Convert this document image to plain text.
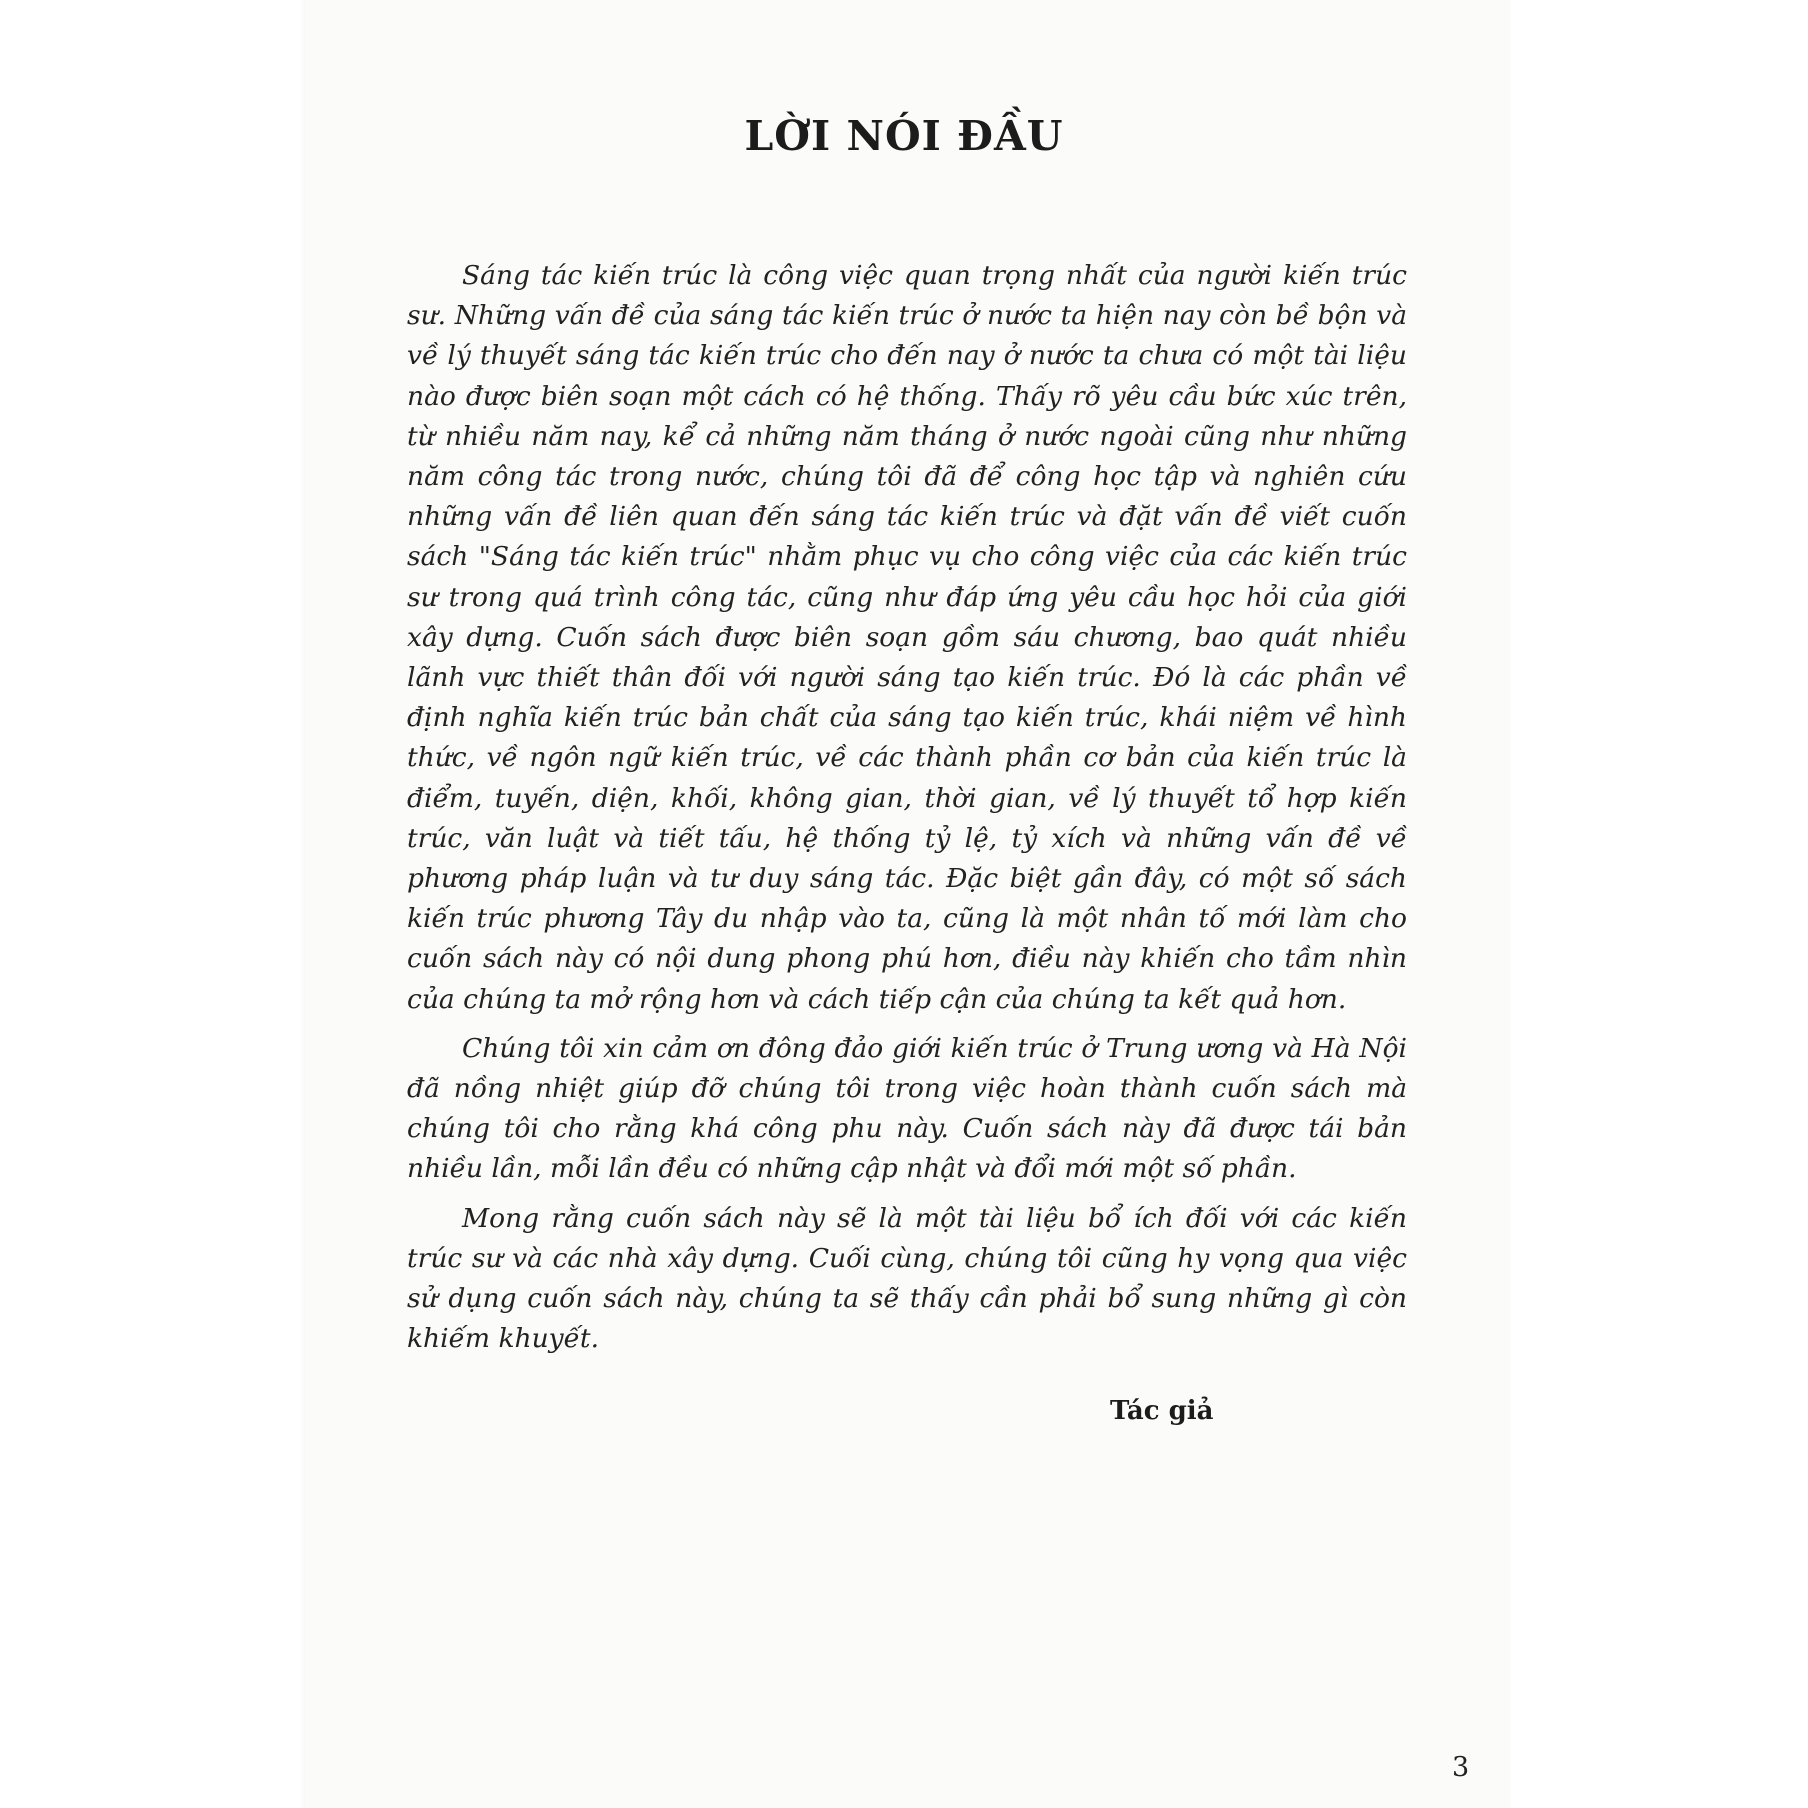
LỜI NÓI ĐẦU

Sáng tác kiến trúc là công việc quan trọng nhất của người kiến trúc sư. Những vấn đề của sáng tác kiến trúc ở nước ta hiện nay còn bề bộn và về lý thuyết sáng tác kiến trúc cho đến nay ở nước ta chưa có một tài liệu nào được biên soạn một cách có hệ thống. Thấy rõ yêu cầu bức xúc trên, từ nhiều năm nay, kể cả những năm tháng ở nước ngoài cũng như những năm công tác trong nước, chúng tôi đã để công học tập và nghiên cứu những vấn đề liên quan đến sáng tác kiến trúc và đặt vấn đề viết cuốn sách "Sáng tác kiến trúc" nhằm phục vụ cho công việc của các kiến trúc sư trong quá trình công tác, cũng như đáp ứng yêu cầu học hỏi của giới xây dựng. Cuốn sách được biên soạn gồm sáu chương, bao quát nhiều lãnh vực thiết thân đối với người sáng tạo kiến trúc. Đó là các phần về định nghĩa kiến trúc bản chất của sáng tạo kiến trúc, khái niệm về hình thức, về ngôn ngữ kiến trúc, về các thành phần cơ bản của kiến trúc là điểm, tuyến, diện, khối, không gian, thời gian, về lý thuyết tổ hợp kiến trúc, văn luật và tiết tấu, hệ thống tỷ lệ, tỷ xích và những vấn đề về phương pháp luận và tư duy sáng tác. Đặc biệt gần đây, có một số sách kiến trúc phương Tây du nhập vào ta, cũng là một nhân tố mới làm cho cuốn sách này có nội dung phong phú hơn, điều này khiến cho tầm nhìn của chúng ta mở rộng hơn và cách tiếp cận của chúng ta kết quả hơn.

Chúng tôi xin cảm ơn đông đảo giới kiến trúc ở Trung ương và Hà Nội đã nồng nhiệt giúp đỡ chúng tôi trong việc hoàn thành cuốn sách mà chúng tôi cho rằng khá công phu này. Cuốn sách này đã được tái bản nhiều lần, mỗi lần đều có những cập nhật và đổi mới một số phần.

Mong rằng cuốn sách này sẽ là một tài liệu bổ ích đối với các kiến trúc sư và các nhà xây dựng. Cuối cùng, chúng tôi cũng hy vọng qua việc sử dụng cuốn sách này, chúng ta sẽ thấy cần phải bổ sung những gì còn khiếm khuyết.

Tác giả
3
